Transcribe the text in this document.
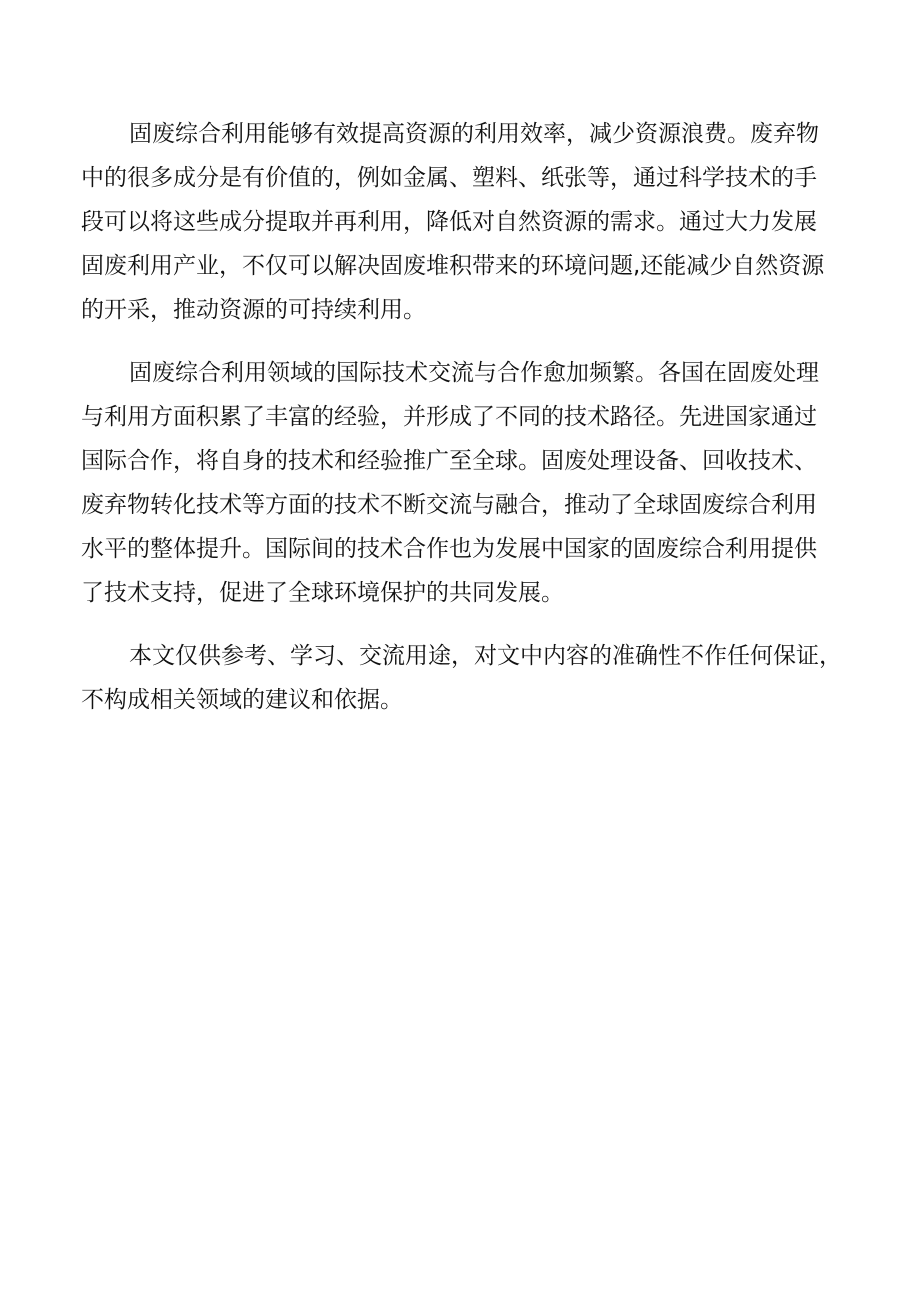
固废综合利用能够有效提高资源的利用效率，减少资源浪费。废弃物
中的很多成分是有价值的，例如金属、塑料、纸张等，通过科学技术的手
段可以将这些成分提取并再利用，降低对自然资源的需求。通过大力发展
固废利用产业，不仅可以解决固废堆积带来的环境问题,还能减少自然资源
的开采，推动资源的可持续利用。

固废综合利用领域的国际技术交流与合作愈加频繁。各国在固废处理
与利用方面积累了丰富的经验，并形成了不同的技术路径。先进国家通过
国际合作，将自身的技术和经验推广至全球。固废处理设备、回收技术、
废弃物转化技术等方面的技术不断交流与融合，推动了全球固废综合利用
水平的整体提升。国际间的技术合作也为发展中国家的固废综合利用提供
了技术支持，促进了全球环境保护的共同发展。

本文仅供参考、学习、交流用途，对文中内容的准确性不作任何保证，
不构成相关领域的建议和依据。
